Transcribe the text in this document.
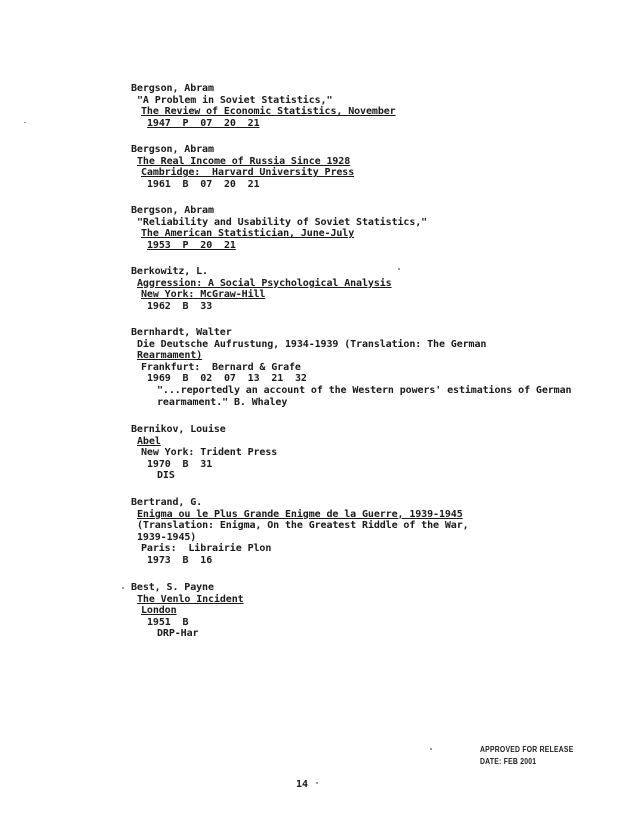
Bergson, Abram
"A Problem in Soviet Statistics,"
The Review of Economic Statistics, November
1947  P  07  20  21
Bergson, Abram
The Real Income of Russia Since 1928
Cambridge:  Harvard University Press
1961  B  07  20  21
Bergson, Abram
"Reliability and Usability of Soviet Statistics,"
The American Statistician, June-July
1953  P  20  21
Berkowitz, L.
Aggression: A Social Psychological Analysis
New York: McGraw-Hill
1962  B  33
Bernhardt, Walter
Die Deutsche Aufrustung, 1934-1939 (Translation: The German
Rearmament)
Frankfurt:  Bernard & Grafe
1969  B  02  07  13  21  32
"...reportedly an account of the Western powers' estimations of German
rearmament." B. Whaley
Bernikov, Louise
Abel
New York: Trident Press
1970  B  31
DIS
Bertrand, G.
Enigma ou le Plus Grande Enigme de la Guerre, 1939-1945
(Translation: Enigma, On the Greatest Riddle of the War,
1939-1945)
Paris:  Librairie Plon
1973  B  16
Best, S. Payne
The Venlo Incident
London
1951  B
DRP-Har
APPROVED FOR RELEASE
DATE: FEB 2001
14
